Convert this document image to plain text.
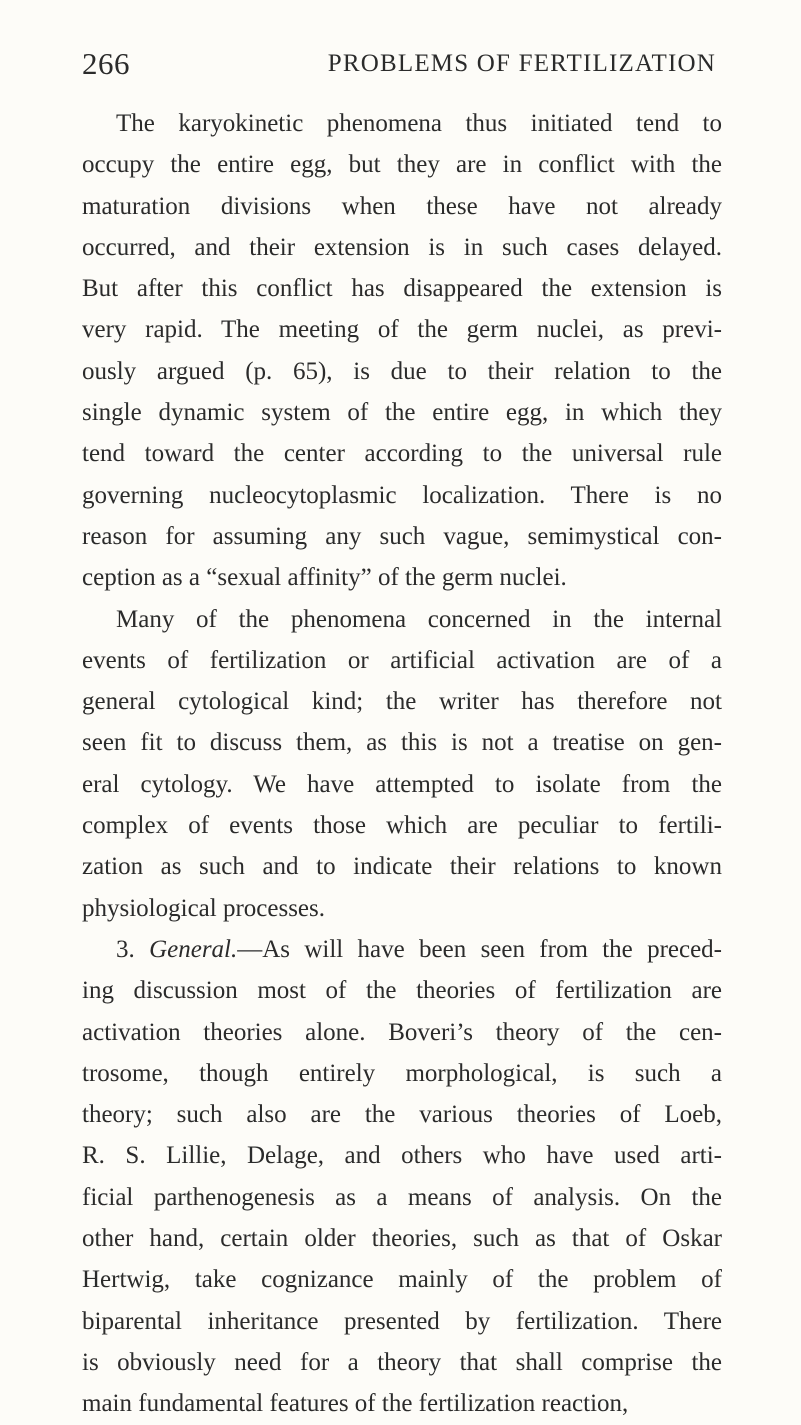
266	PROBLEMS OF FERTILIZATION
The karyokinetic phenomena thus initiated tend to
occupy the entire egg, but they are in conflict with the
maturation divisions when these have not already
occurred, and their extension is in such cases delayed.
But after this conflict has disappeared the extension is
very rapid. The meeting of the germ nuclei, as previ-
ously argued (p. 65), is due to their relation to the
single dynamic system of the entire egg, in which they
tend toward the center according to the universal rule
governing nucleocytoplasmic localization. There is no
reason for assuming any such vague, semimystical con-
ception as a “sexual affinity” of the germ nuclei.
Many of the phenomena concerned in the internal
events of fertilization or artificial activation are of a
general cytological kind; the writer has therefore not
seen fit to discuss them, as this is not a treatise on gen-
eral cytology. We have attempted to isolate from the
complex of events those which are peculiar to fertili-
zation as such and to indicate their relations to known
physiological processes.
3. General.—As will have been seen from the preced-
ing discussion most of the theories of fertilization are
activation theories alone. Boveri’s theory of the cen-
trosome, though entirely morphological, is such a
theory; such also are the various theories of Loeb,
R. S. Lillie, Delage, and others who have used arti-
ficial parthenogenesis as a means of analysis. On the
other hand, certain older theories, such as that of Oskar
Hertwig, take cognizance mainly of the problem of
biparental inheritance presented by fertilization. There
is obviously need for a theory that shall comprise the
main fundamental features of the fertilization reaction,
